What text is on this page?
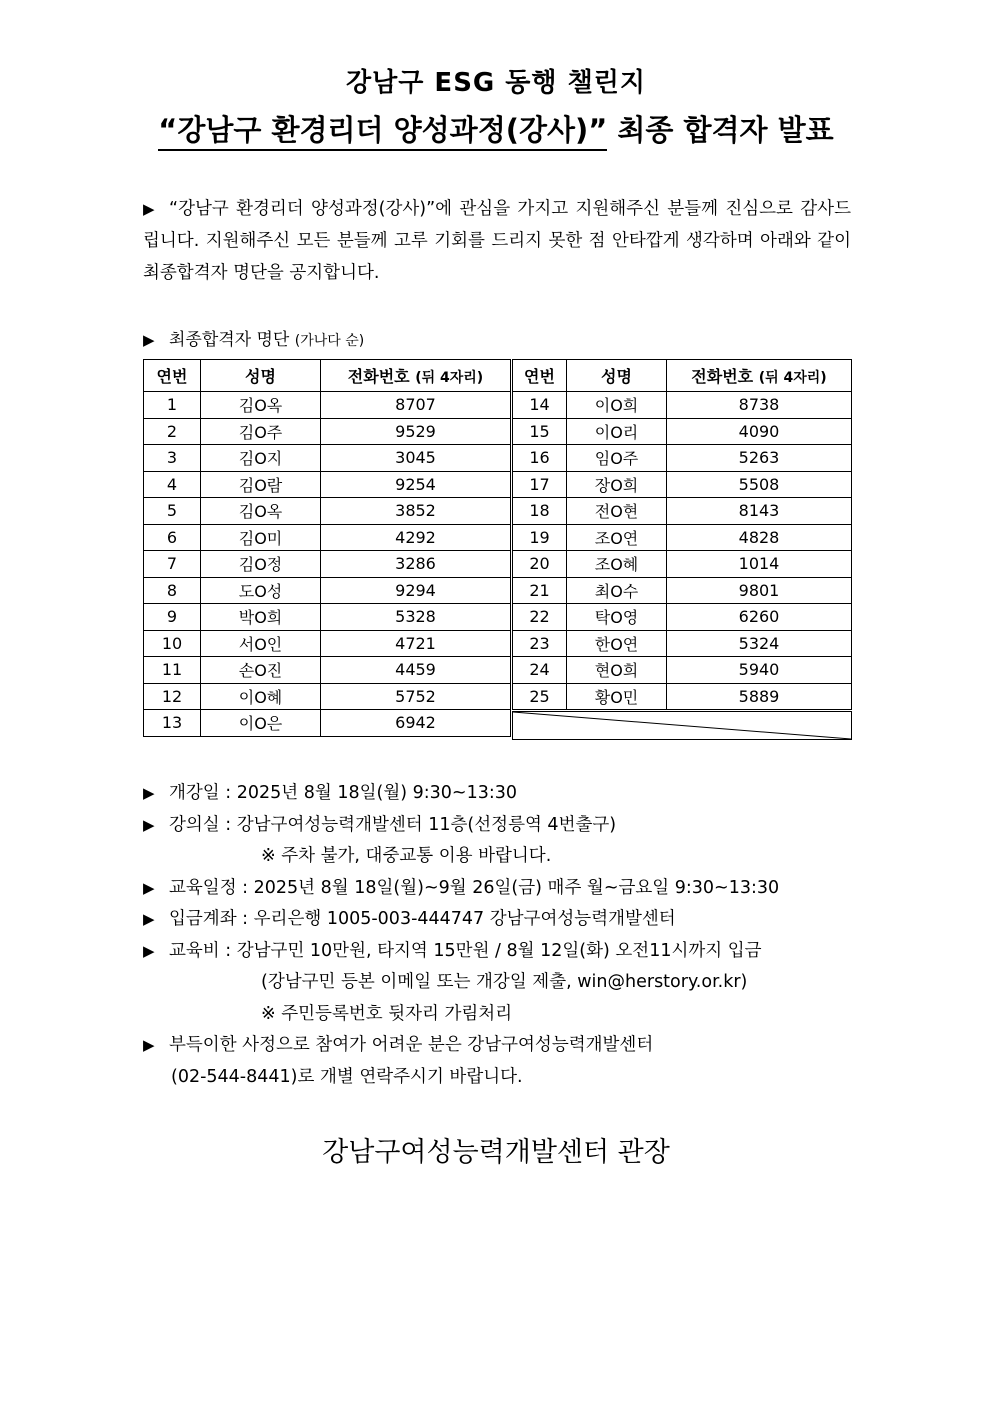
강남구 ESG 동행 챌린지
“강남구 환경리더 양성과정(강사)” 최종 합격자 발표
▶ “강남구 환경리더 양성과정(강사)”에 관심을 가지고 지원해주신 분들께 진심으로 감사드립니다. 지원해주신 모든 분들께 고루 기회를 드리지 못한 점 안타깝게 생각하며 아래와 같이 최종합격자 명단을 공지합니다.
▶ 최종합격자 명단 (가나다 순)
연번	성명	전화번호 (뒤 4자리)
1	김O옥	8707
2	김O주	9529
3	김O지	3045
4	김O람	9254
5	김O옥	3852
6	김O미	4292
7	김O정	3286
8	도O성	9294
9	박O희	5328
10	서O인	4721
11	손O진	4459
12	이O혜	5752
13	이O은	6942
연번	성명	전화번호 (뒤 4자리)
14	이O희	8738
15	이O리	4090
16	임O주	5263
17	장O희	5508
18	전O현	8143
19	조O연	4828
20	조O혜	1014
21	최O수	9801
22	탁O영	6260
23	한O연	5324
24	현O희	5940
25	황O민	5889
▶ 개강일 : 2025년 8월 18일(월) 9:30~13:30
▶ 강의실 : 강남구여성능력개발센터 11층(선정릉역 4번출구)
※ 주차 불가, 대중교통 이용 바랍니다.
▶ 교육일정 : 2025년 8월 18일(월)~9월 26일(금) 매주 월~금요일 9:30~13:30
▶ 입금계좌 : 우리은행 1005-003-444747 강남구여성능력개발센터
▶ 교육비 : 강남구민 10만원, 타지역 15만원 / 8월 12일(화) 오전11시까지 입금
(강남구민 등본 이메일 또는 개강일 제출, win@herstory.or.kr)
※ 주민등록번호 뒷자리 가림처리
▶ 부득이한 사정으로 참여가 어려운 분은 강남구여성능력개발센터
(02-544-8441)로 개별 연락주시기 바랍니다.
강남구여성능력개발센터 관장
